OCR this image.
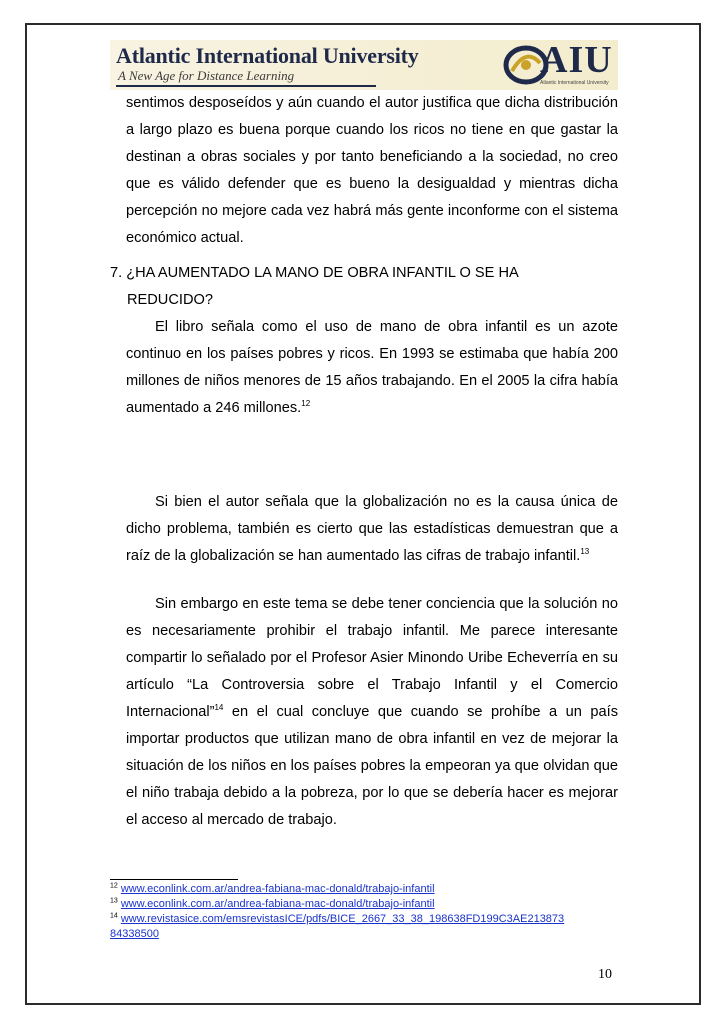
Atlantic International University
A New Age for Distance Learning	AIU
Atlantic International University
sentimos desposeídos y aún cuando el autor justifica que dicha distribución a largo plazo es buena porque cuando los ricos no tiene en que gastar la destinan a obras sociales y por tanto beneficiando a la sociedad, no creo que es válido defender que es bueno la desigualdad y mientras dicha percepción no mejore cada vez habrá más gente inconforme con el sistema económico actual.
7. ¿HA AUMENTADO LA MANO DE OBRA INFANTIL O SE HA
REDUCIDO?
El libro señala como el uso de mano de obra infantil es un azote continuo en los países pobres y ricos. En 1993 se estimaba que había 200 millones de niños menores de 15 años trabajando. En el 2005 la cifra había aumentado a 246 millones.$^{12}$
Si bien el autor señala que la globalización no es la causa única de dicho problema, también es cierto que las estadísticas demuestran que a raíz de la globalización se han aumentado las cifras de trabajo infantil.$^{13}$
Sin embargo en este tema se debe tener conciencia que la solución no es necesariamente prohibir el trabajo infantil. Me parece interesante compartir lo señalado por el Profesor Asier Minondo Uribe Echeverría en su artículo “La Controversia sobre el Trabajo Infantil y el Comercio Internacional”$^{14}$ en el cual concluye que cuando se prohíbe a un país importar productos que utilizan mano de obra infantil en vez de mejorar la situación de los niños en los países pobres la empeoran ya que olvidan que el niño trabaja debido a la pobreza, por lo que se debería hacer es mejorar el acceso al mercado de trabajo.
$^{12}$ www.econlink.com.ar/andrea-fabiana-mac-donald/trabajo-infantil
$^{13}$ www.econlink.com.ar/andrea-fabiana-mac-donald/trabajo-infantil
$^{14}$ www.revistasice.com/emsrevistasICE/pdfs/BICE_2667_33_38_198638FD199C3AE213873
84338500
10
